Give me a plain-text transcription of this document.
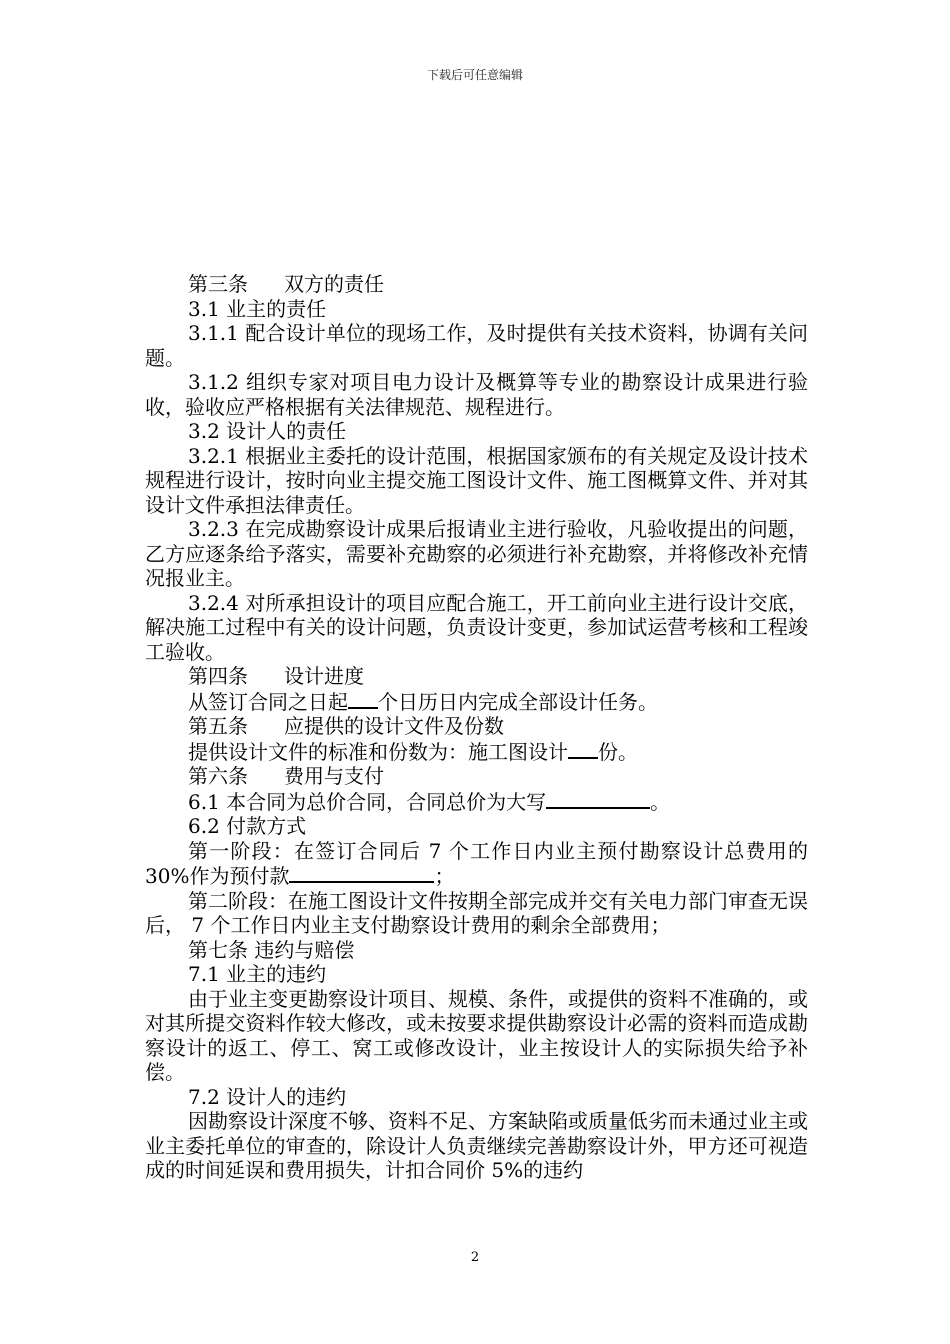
下载后可任意编辑

第三条 双方的责任

3.1 业主的责任

3.1.1 配合设计单位的现场工作，及时提供有关技术资料，协调有关问题。

3.1.2 组织专家对项目电力设计及概算等专业的勘察设计成果进行验收，验收应严格根据有关法律规范、规程进行。

3.2 设计人的责任

3.2.1 根据业主委托的设计范围，根据国家颁布的有关规定及设计技术规程进行设计，按时向业主提交施工图设计文件、施工图概算文件、并对其设计文件承担法律责任。

3.2.3 在完成勘察设计成果后报请业主进行验收，凡验收提出的问题，乙方应逐条给予落实，需要补充勘察的必须进行补充勘察，并将修改补充情况报业主。

3.2.4 对所承担设计的项目应配合施工，开工前向业主进行设计交底，解决施工过程中有关的设计问题，负责设计变更，参加试运营考核和工程竣工验收。

第四条 设计进度

从签订合同之日起 个日历日内完成全部设计任务。

第五条 应提供的设计文件及份数

提供设计文件的标准和份数为：施工图设计 份。

第六条 费用与支付

6.1 本合同为总价合同，合同总价为大写	。

6.2 付款方式

第一阶段：在签订合同后 7 个工作日内业主预付勘察设计总费用的 30%作为预付款	；

第二阶段：在施工图设计文件按期全部完成并交有关电力部门审查无误后， 7 个工作日内业主支付勘察设计费用的剩余全部费用；

第七条 违约与赔偿

7.1 业主的违约

由于业主变更勘察设计项目、规模、条件，或提供的资料不准确的，或对其所提交资料作较大修改，或未按要求提供勘察设计必需的资料而造成勘察设计的返工、停工、窝工或修改设计，业主按设计人的实际损失给予补偿。

7.2 设计人的违约

因勘察设计深度不够、资料不足、方案缺陷或质量低劣而未通过业主或业主委托单位的审查的，除设计人负责继续完善勘察设计外，甲方还可视造成的时间延误和费用损失，计扣合同价 5%的违约

2
